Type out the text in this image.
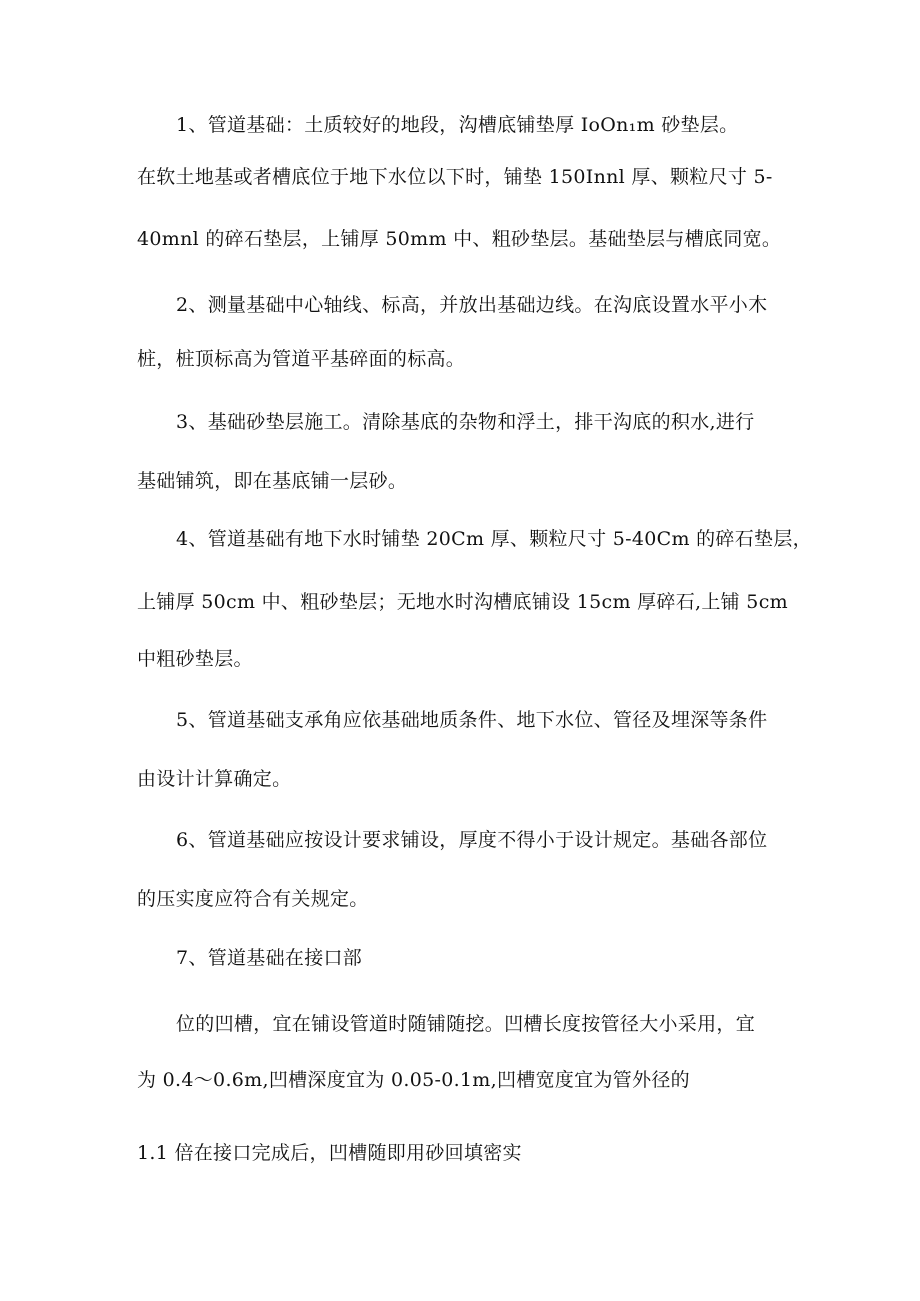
1、管道基础：土质较好的地段，沟槽底铺垫厚 IoOn₁m 砂垫层。
在软土地基或者槽底位于地下水位以下时，铺垫 150Innl 厚、颗粒尺寸 5-
40mnl 的碎石垫层，上铺厚 50mm 中、粗砂垫层。基础垫层与槽底同宽。
2、测量基础中心轴线、标高，并放出基础边线。在沟底设置水平小木
桩，桩顶标高为管道平基碎面的标高。
3、基础砂垫层施工。清除基底的杂物和浮土，排干沟底的积水,进行
基础铺筑，即在基底铺一层砂。
4、管道基础有地下水时铺垫 20Cm 厚、颗粒尺寸 5-40Cm 的碎石垫层，
上铺厚 50cm 中、粗砂垫层；无地水时沟槽底铺设 15cm 厚碎石,上铺 5cm
中粗砂垫层。
5、管道基础支承角应依基础地质条件、地下水位、管径及埋深等条件
由设计计算确定。
6、管道基础应按设计要求铺设，厚度不得小于设计规定。基础各部位
的压实度应符合有关规定。
7、管道基础在接口部
位的凹槽，宜在铺设管道时随铺随挖。凹槽长度按管径大小采用，宜
为 0.4～0.6m,凹槽深度宜为 0.05-0.1m,凹槽宽度宜为管外径的
1.1 倍在接口完成后，凹槽随即用砂回填密实
